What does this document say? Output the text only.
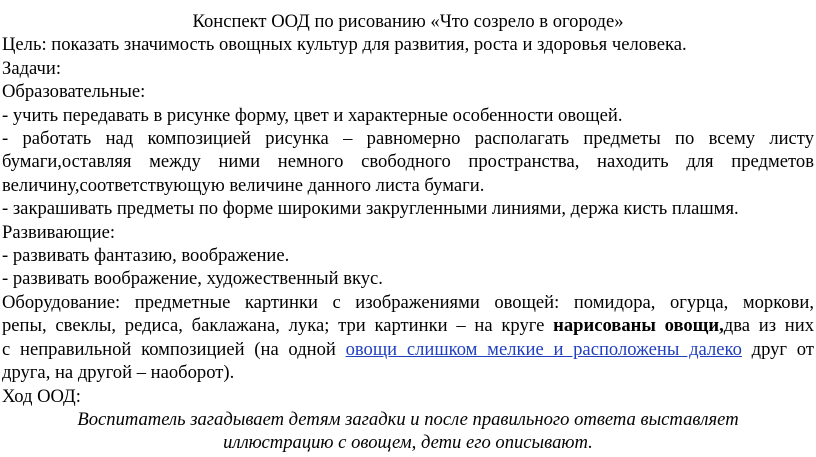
Конспект ООД по рисованию «Что созрело в огороде»
Цель: показать значимость овощных культур для развития, роста и здоровья человека.
Задачи:
Образовательные:
- учить передавать в рисунке форму, цвет и характерные особенности овощей.
- работать над композицией рисунка – равномерно располагать предметы по всему листу
бумаги,оставляя между ними немного свободного пространства, находить для предметов
величину,соответствующую величине данного листа бумаги.
- закрашивать предметы по форме широкими закругленными линиями, держа кисть плашмя.
Развивающие:
- развивать фантазию, воображение.
- развивать воображение, художественный вкус.
Оборудование: предметные картинки с изображениями овощей: помидора, огурца, моркови,
репы, свеклы, редиса, баклажана, лука; три картинки – на круге нарисованы овощи,два из них
с неправильной композицией (на одной овощи слишком мелкие и расположены далеко друг от
друга, на другой – наоборот).
Ход ООД:
Воспитатель загадывает детям загадки и после правильного ответа выставляет
иллюстрацию с овощем, дети его описывают.
